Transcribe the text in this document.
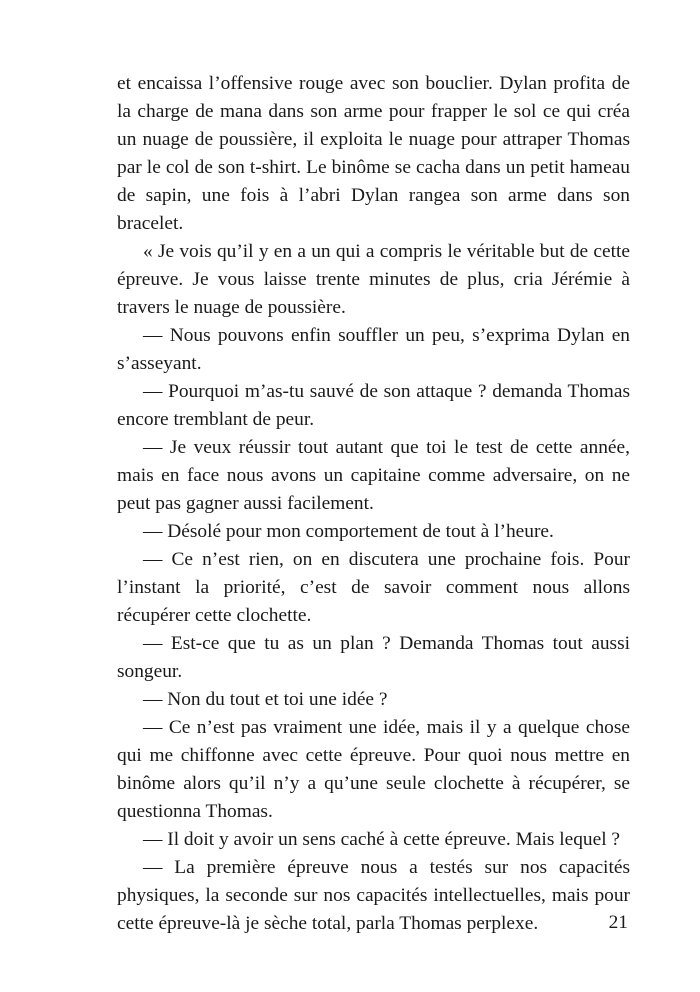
et encaissa l’offensive rouge avec son bouclier. Dylan profita de la charge de mana dans son arme pour frapper le sol ce qui créa un nuage de poussière, il exploita le nuage pour attraper Thomas par le col de son t-shirt. Le binôme se cacha dans un petit hameau de sapin, une fois à l’abri Dylan rangea son arme dans son bracelet.

« Je vois qu’il y en a un qui a compris le véritable but de cette épreuve. Je vous laisse trente minutes de plus, cria Jérémie à travers le nuage de poussière.

— Nous pouvons enfin souffler un peu, s’exprima Dylan en s’asseyant.

— Pourquoi m’as-tu sauvé de son attaque ? demanda Thomas encore tremblant de peur.

— Je veux réussir tout autant que toi le test de cette année, mais en face nous avons un capitaine comme adversaire, on ne peut pas gagner aussi facilement.

— Désolé pour mon comportement de tout à l’heure.

— Ce n’est rien, on en discutera une prochaine fois. Pour l’instant la priorité, c’est de savoir comment nous allons récupérer cette clochette.

— Est-ce que tu as un plan ? Demanda Thomas tout aussi songeur.

— Non du tout et toi une idée ?

— Ce n’est pas vraiment une idée, mais il y a quelque chose qui me chiffonne avec cette épreuve. Pour quoi nous mettre en binôme alors qu’il n’y a qu’une seule clochette à récupérer, se questionna Thomas.

— Il doit y avoir un sens caché à cette épreuve. Mais lequel ?

— La première épreuve nous a testés sur nos capacités physiques, la seconde sur nos capacités intellectuelles, mais pour cette épreuve-là je sèche total, parla Thomas perplexe.	21
